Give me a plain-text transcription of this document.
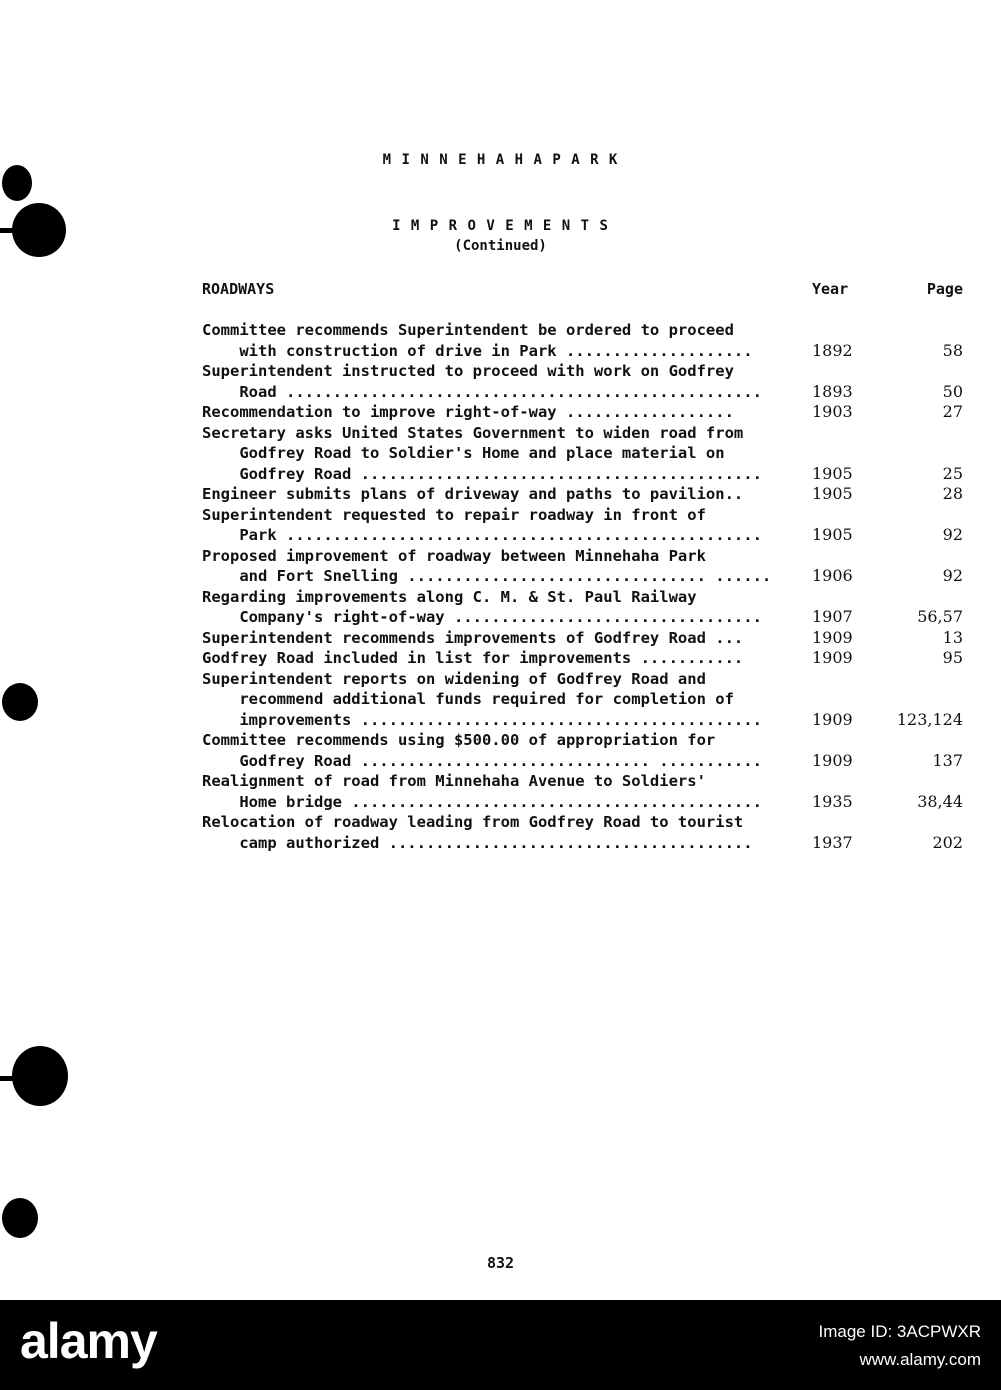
M I N N E H A H A P A R K
I M P R O V E M E N T S
(Continued)
ROADWAYS	Year	Page
Committee recommends Superintendent be ordered to proceed
with construction of drive in Park ....................	1892	58
Superintendent instructed to proceed with work on Godfrey
Road ...................................................	1893	50
Recommendation to improve right-of-way ..................	1903	27
Secretary asks United States Government to widen road from
Godfrey Road to Soldier's Home and place material on
Godfrey Road ...........................................	1905	25
Engineer submits plans of driveway and paths to pavilion..	1905	28
Superintendent requested to repair roadway in front of
Park ...................................................	1905	92
Proposed improvement of roadway between Minnehaha Park
and Fort Snelling ................................ ......	1906	92
Regarding improvements along C. M. & St. Paul Railway
Company's right-of-way .................................	1907	56,57
Superintendent recommends improvements of Godfrey Road ...	1909	13
Godfrey Road included in list for improvements ...........	1909	95
Superintendent reports on widening of Godfrey Road and
recommend additional funds required for completion of
improvements ...........................................	1909	123,124
Committee recommends using $500.00 of appropriation for
Godfrey Road ............................... ...........	1909	137
Realignment of road from Minnehaha Avenue to Soldiers'
Home bridge ............................................	1935	38,44
Relocation of roadway leading from Godfrey Road to tourist
camp authorized .......................................	1937	202
832
alamy	Image ID: 3ACPWXR
www.alamy.com
